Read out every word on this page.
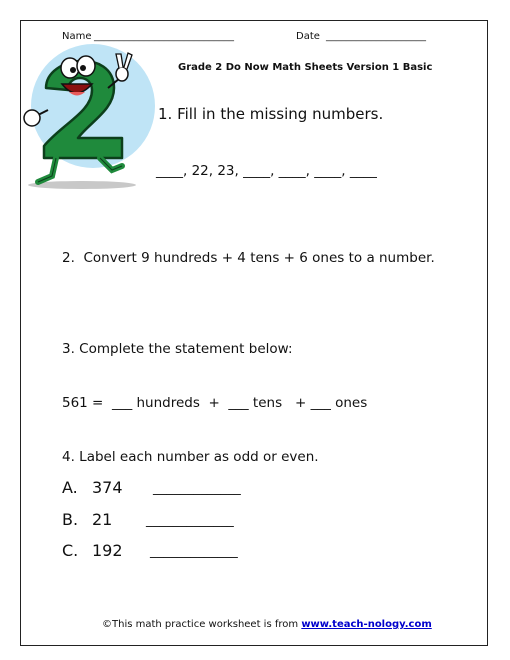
Name ____________________________	Date ____________________
Grade 2 Do Now Math Sheets Version 1 Basic
1. Fill in the missing numbers.
____, 22, 23, ____, ____, ____, ____
2.  Convert 9 hundreds + 4 tens + 6 ones to a number.
3. Complete the statement below:
561 =  ___ hundreds  +  ___ tens   + ___ ones
4. Label each number as odd or even.
A. 374 _____________
B. 21 _____________
C. 192 _____________
©This math practice worksheet is from www.teach-nology.com
